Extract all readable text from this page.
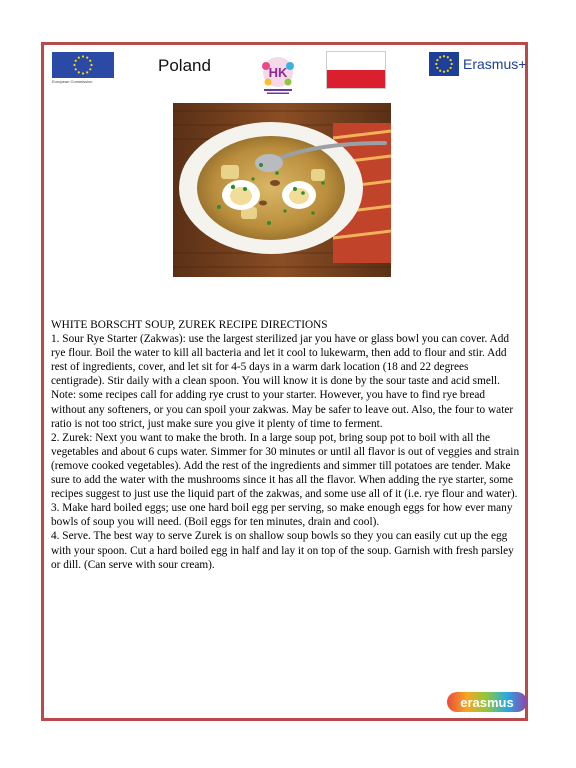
European Commission
Poland	HK
Erasmus+

WHITE BORSCHT SOUP, ZUREK RECIPE DIRECTIONS

1. Sour Rye Starter (Zakwas): use the largest sterilized jar you have or glass bowl you can cover. Add rye flour. Boil the water to kill all bacteria and let it cool to lukewarm, then add to flour and stir. Add rest of ingredients, cover, and let sit for 4-5 days in a warm dark location (18 and 22 degrees centigrade). Stir daily with a clean spoon. You will know it is done by the sour taste and acid smell. Note: some recipes call for adding rye crust to your starter. However, you have to find rye bread without any softeners, or you can spoil your zakwas. May be safer to leave out. Also, the four to water ratio is not too strict, just make sure you give it plenty of time to ferment.

2. Zurek: Next you want to make the broth. In a large soup pot, bring soup pot to boil with all the vegetables and about 6 cups water. Simmer for 30 minutes or until all flavor is out of veggies and strain (remove cooked vegetables). Add the rest of the ingredients and simmer till potatoes are tender. Make sure to add the water with the mushrooms since it has all the flavor. When adding the rye starter, some recipes suggest to just use the liquid part of the zakwas, and some use all of it (i.e. rye flour and water).

3. Make hard boiled eggs; use one hard boil egg per serving, so make enough eggs for how ever many bowls of soup you will need. (Boil eggs for ten minutes, drain and cool).

4. Serve. The best way to serve Zurek is on shallow soup bowls so they you can easily cut up the egg with your spoon. Cut a hard boiled egg in half and lay it on top of the soup. Garnish with fresh parsley or dill. (Can serve with sour cream).

erasmus
